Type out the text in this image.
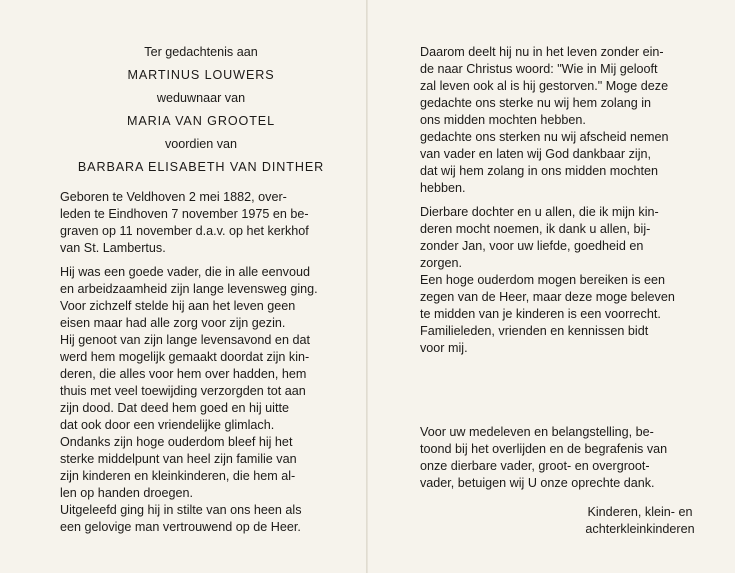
Ter gedachtenis aan

MARTINUS LOUWERS

weduwnaar van

MARIA VAN GROOTEL

voordien van

BARBARA ELISABETH VAN DINTHER

Geboren te Veldhoven 2 mei 1882, over-
leden te Eindhoven 7 november 1975 en be-
graven op 11 november d.a.v. op het kerkhof
van St. Lambertus.
Hij was een goede vader, die in alle eenvoud
en arbeidzaamheid zijn lange levensweg ging.
Voor zichzelf stelde hij aan het leven geen
eisen maar had alle zorg voor zijn gezin.
Hij genoot van zijn lange levensavond en dat
werd hem mogelijk gemaakt doordat zijn kin-
deren, die alles voor hem over hadden, hem
thuis met veel toewijding verzorgden tot aan
zijn dood. Dat deed hem goed en hij uitte
dat ook door een vriendelijke glimlach.
Ondanks zijn hoge ouderdom bleef hij het
sterke middelpunt van heel zijn familie van
zijn kinderen en kleinkinderen, die hem al-
len op handen droegen.
Uitgeleefd ging hij in stilte van ons heen als
een gelovige man vertrouwend op de Heer.
Daarom deelt hij nu in het leven zonder ein-
de naar Christus woord: "Wie in Mij gelooft
zal leven ook al is hij gestorven." Moge deze
gedachte ons sterke nu wij hem zolang in
ons midden mochten hebben.
gedachte ons sterken nu wij afscheid nemen
van vader en laten wij God dankbaar zijn,
dat wij hem zolang in ons midden mochten
hebben.
Dierbare dochter en u allen, die ik mijn kin-
deren mocht noemen, ik dank u allen, bij-
zonder Jan, voor uw liefde, goedheid en
zorgen.
Een hoge ouderdom mogen bereiken is een
zegen van de Heer, maar deze moge beleven
te midden van je kinderen is een voorrecht.
Familieleden, vrienden en kennissen bidt
voor mij.
Voor uw medeleven en belangstelling, be-
toond bij het overlijden en de begrafenis van
onze dierbare vader, groot- en overgroot-
vader, betuigen wij U onze oprechte dank.
Kinderen, klein- en
achterkleinkinderen
